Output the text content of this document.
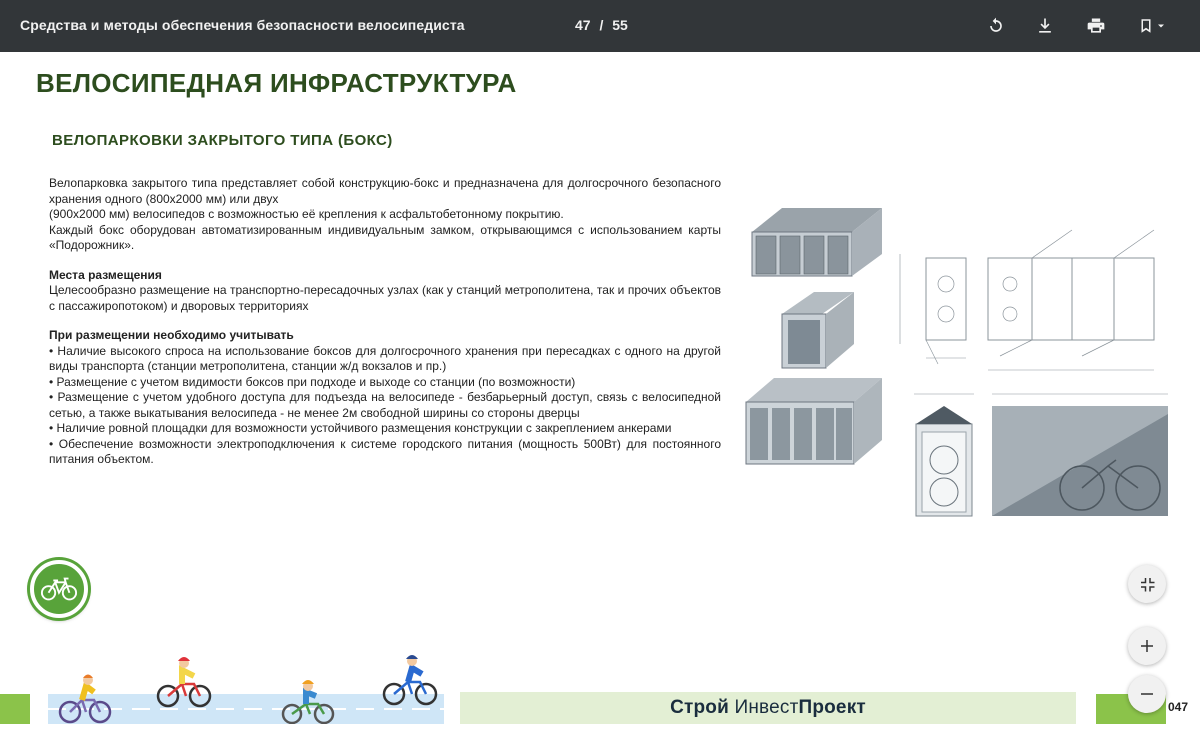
Средства и методы обеспечения безопасности велосипедиста	47 / 55
ВЕЛОСИПЕДНАЯ ИНФРАСТРУКТУРА
ВЕЛОПАРКОВКИ ЗАКРЫТОГО ТИПА (БОКС)

Велопарковка закрытого типа представляет собой конструкцию-бокс и предназначена для долгосрочного безопасного хранения одного (800х2000 мм) или двух

(900х2000 мм) велосипедов с возможностью её крепления к асфальтобетонному покрытию.

Каждый бокс оборудован автоматизированным индивидуальным замком, открывающимся с использованием карты «Подорожник».

Места размещения

Целесообразно размещение на транспортно-пересадочных узлах (как у станций метрополитена, так и прочих объектов с пассажиропотоком) и дворовых территориях

При размещении необходимо учитывать

• Наличие высокого спроса на использование боксов для долгосрочного хранения при пересадках с одного на другой виды транспорта (станции метрополитена, станции ж/д вокзалов и пр.)

• Размещение с учетом видимости боксов при подходе и выходе со станции (по возможности)

• Размещение с учетом удобного доступа для подъезда на велосипеде - безбарьерный доступ, связь с велосипедной сетью, а также выкатывания велосипеда - не менее 2м свободной ширины со стороны дверцы

• Наличие ровной площадки для возможности устойчивого размещения конструкции с закреплением анкерами

• Обеспечение возможности электроподключения к системе городского питания (мощность 500Вт) для постоянного питания объектом.

Строй ИнвестПроект	047
